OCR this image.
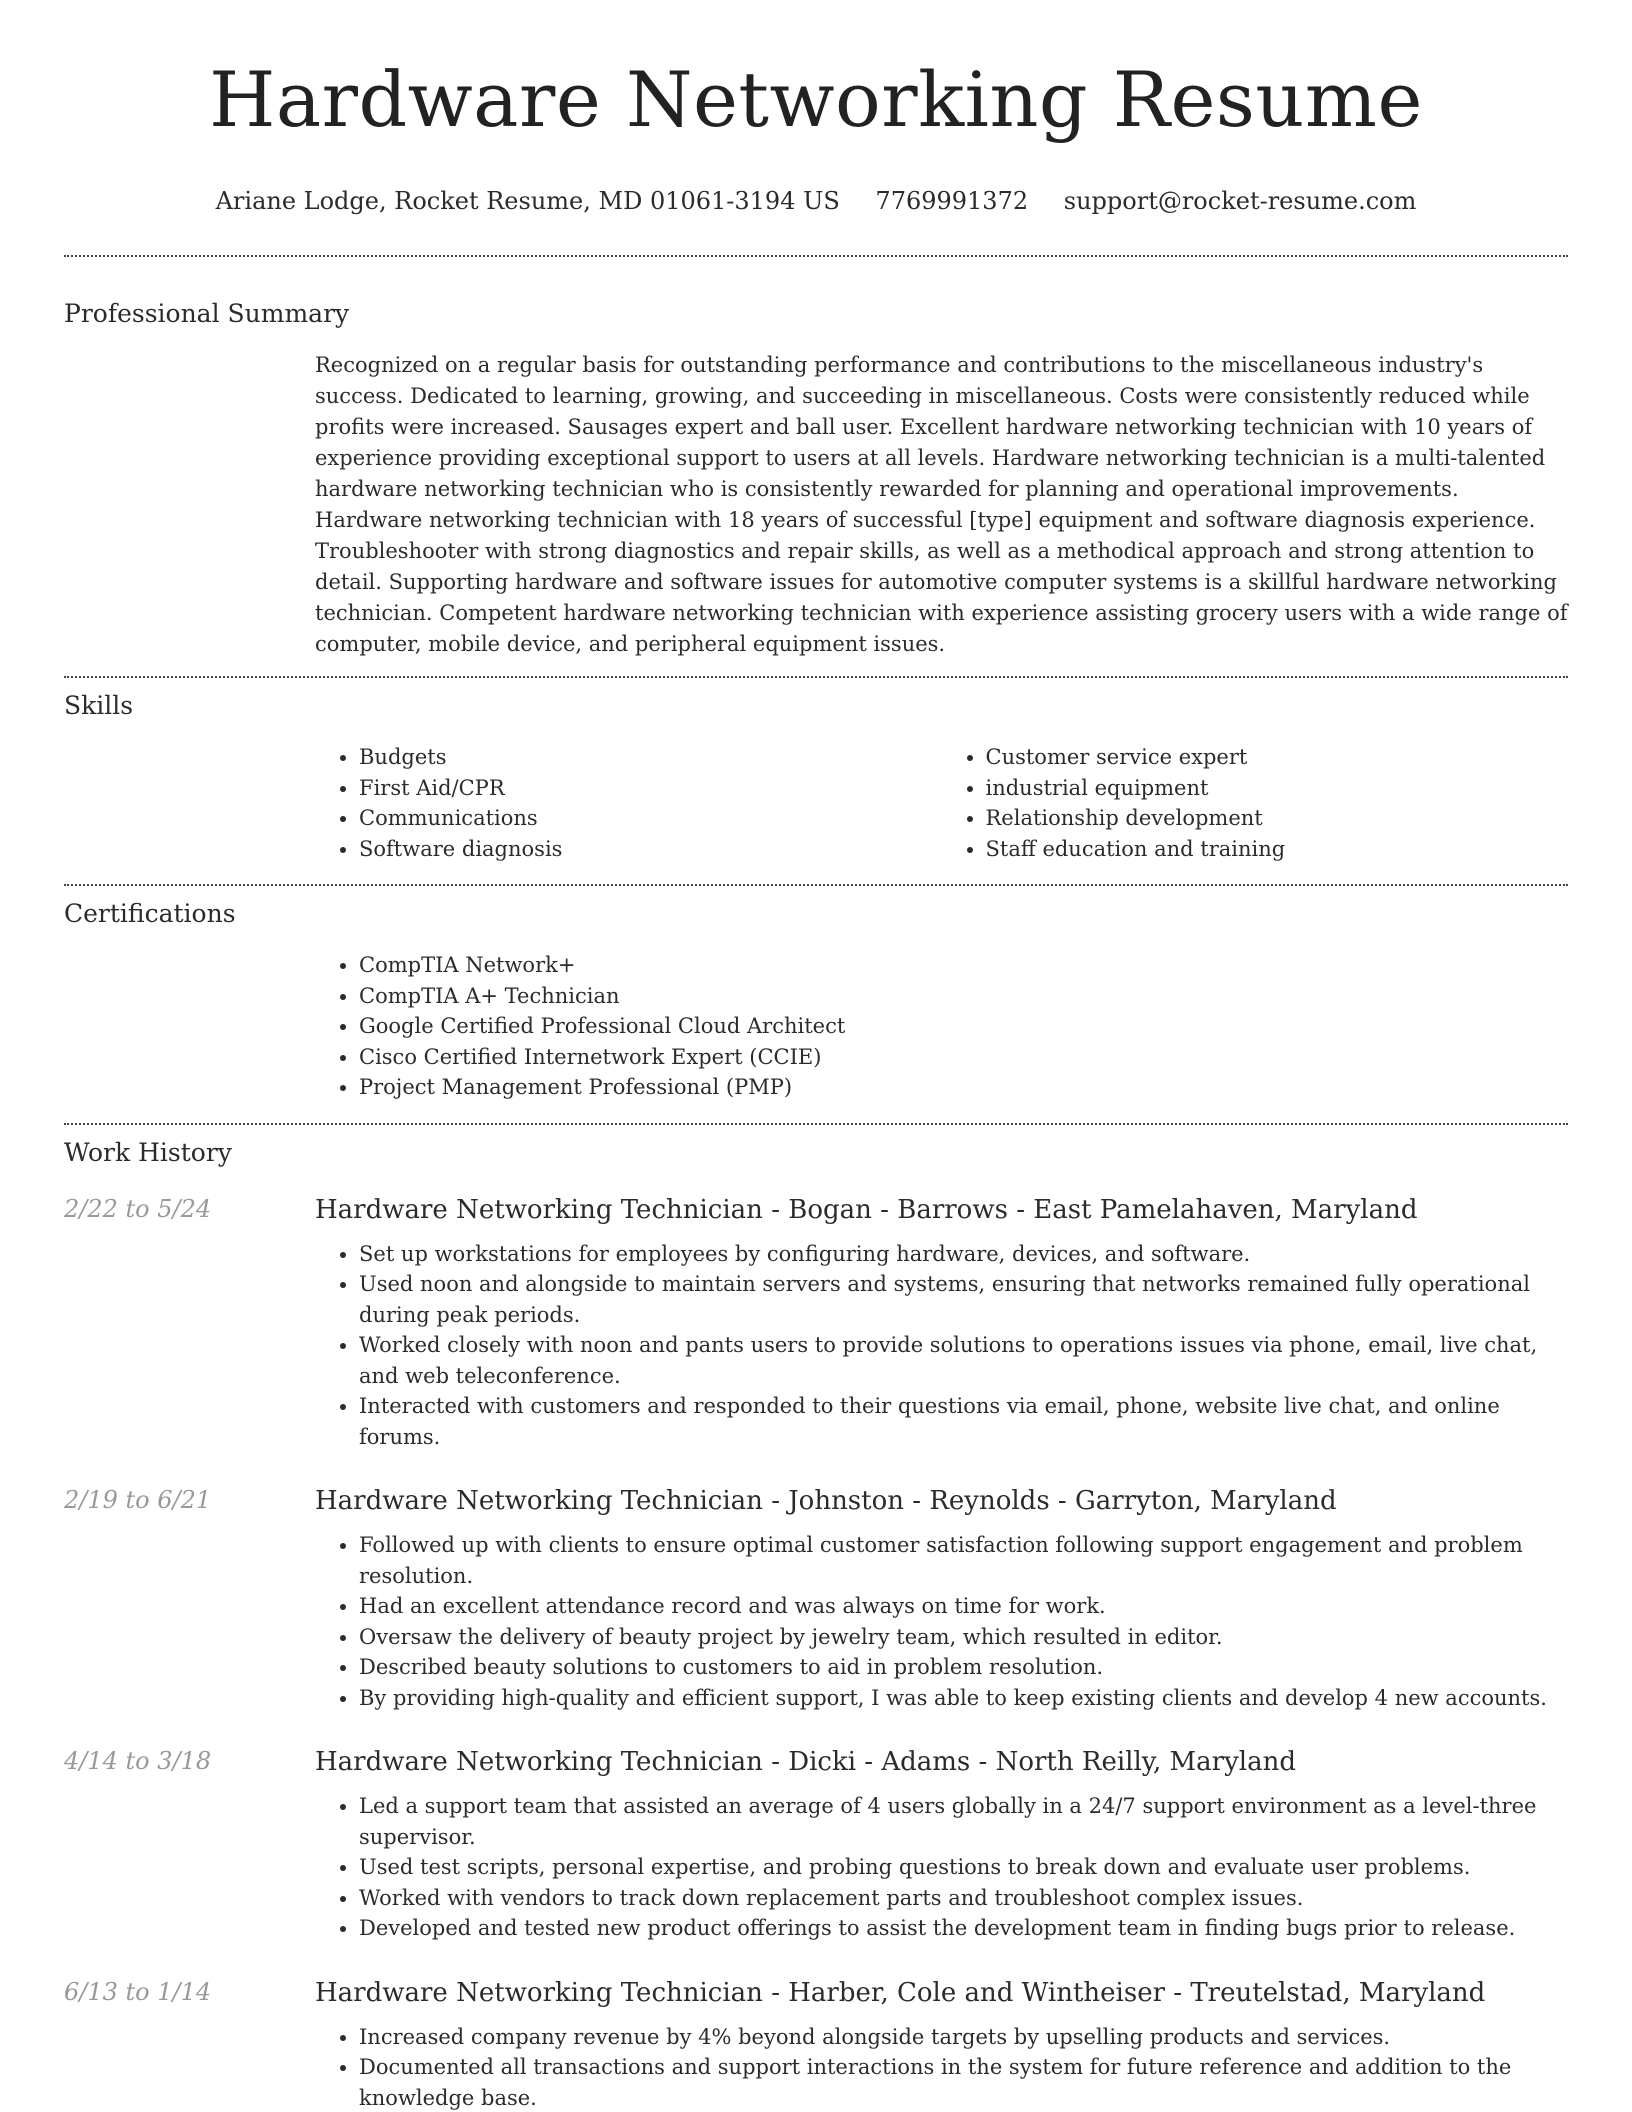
Hardware Networking Resume
Ariane Lodge, Rocket Resume, MD 01061-3194 US 7769991372 support@rocket-resume.com
Professional Summary
Recognized on a regular basis for outstanding performance and contributions to the miscellaneous industry's success. Dedicated to learning, growing, and succeeding in miscellaneous. Costs were consistently reduced while profits were increased. Sausages expert and ball user. Excellent hardware networking technician with 10 years of experience providing exceptional support to users at all levels. Hardware networking technician is a multi-talented hardware networking technician who is consistently rewarded for planning and operational improvements. Hardware networking technician with 18 years of successful [type] equipment and software diagnosis experience. Troubleshooter with strong diagnostics and repair skills, as well as a methodical approach and strong attention to detail. Supporting hardware and software issues for automotive computer systems is a skillful hardware networking technician. Competent hardware networking technician with experience assisting grocery users with a wide range of computer, mobile device, and peripheral equipment issues.
Skills
• Budgets
• First Aid/CPR
• Communications
• Software diagnosis
• Customer service expert
• industrial equipment
• Relationship development
• Staff education and training
Certifications
• CompTIA Network+
• CompTIA A+ Technician
• Google Certified Professional Cloud Architect
• Cisco Certified Internetwork Expert (CCIE)
• Project Management Professional (PMP)
Work History
2/22 to 5/24	Hardware Networking Technician - Bogan - Barrows - East Pamelahaven, Maryland
• Set up workstations for employees by configuring hardware, devices, and software.
• Used noon and alongside to maintain servers and systems, ensuring that networks remained fully operational during peak periods.
• Worked closely with noon and pants users to provide solutions to operations issues via phone, email, live chat, and web teleconference.
• Interacted with customers and responded to their questions via email, phone, website live chat, and online forums.
2/19 to 6/21	Hardware Networking Technician - Johnston - Reynolds - Garryton, Maryland
• Followed up with clients to ensure optimal customer satisfaction following support engagement and problem resolution.
• Had an excellent attendance record and was always on time for work.
• Oversaw the delivery of beauty project by jewelry team, which resulted in editor.
• Described beauty solutions to customers to aid in problem resolution.
• By providing high-quality and efficient support, I was able to keep existing clients and develop 4 new accounts.
4/14 to 3/18	Hardware Networking Technician - Dicki - Adams - North Reilly, Maryland
• Led a support team that assisted an average of 4 users globally in a 24/7 support environment as a level-three supervisor.
• Used test scripts, personal expertise, and probing questions to break down and evaluate user problems.
• Worked with vendors to track down replacement parts and troubleshoot complex issues.
• Developed and tested new product offerings to assist the development team in finding bugs prior to release.
6/13 to 1/14	Hardware Networking Technician - Harber, Cole and Wintheiser - Treutelstad, Maryland
• Increased company revenue by 4% beyond alongside targets by upselling products and services.
• Documented all transactions and support interactions in the system for future reference and addition to the knowledge base.
